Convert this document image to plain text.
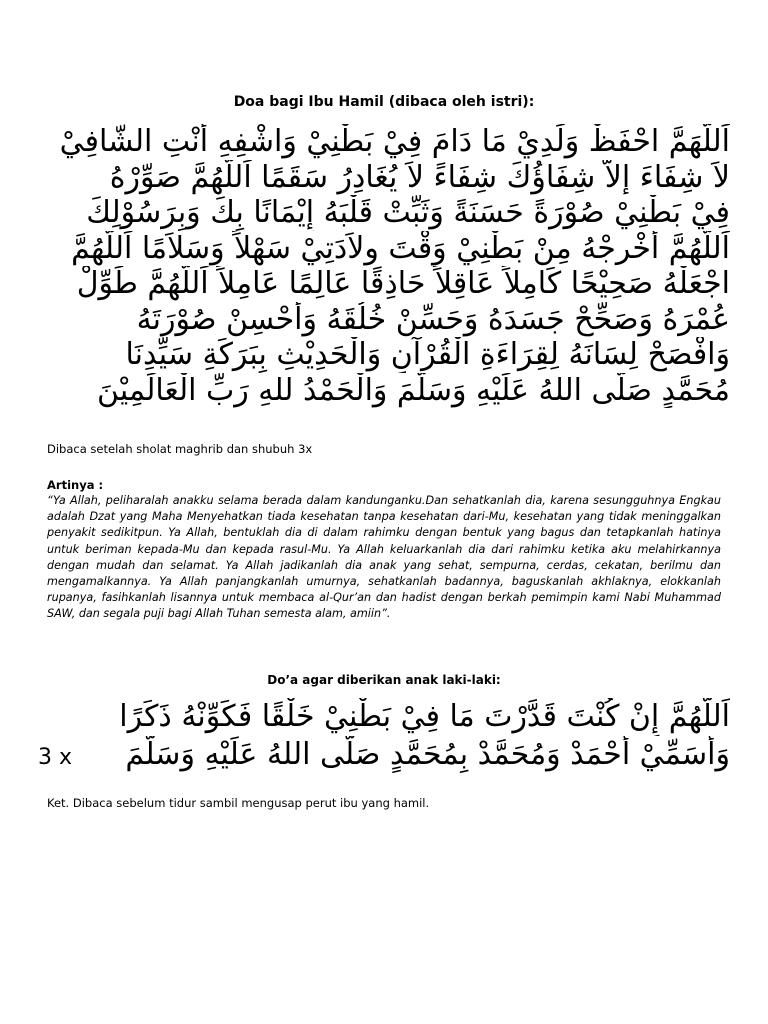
Doa bagi Ibu Hamil (dibaca oleh istri):
اَللَّهَمَّ احْفَظْ وَلَدِيْ مَا دَامَ فِيْ بَطْنِيْ وَاشْفِهِ أَنْتِ الشَّافِيْ
لاَ شِفَاءَ إِلاَّ شِفَاؤُكَ شِفَاءً لاَ يُغَادِرُ سَقَمًا اَللَّهُمَّ صَوِّرْهُ
فِيْ بَطْنِيْ صُوْرَةً حَسَنَةً وَثَبِّتْ قَلْبَهُ إِيْمَانًا بِكَ وَبِرَسُوْلِكَ
اَللَّهُمَّ أَخْرِجْهُ مِنْ بَطْنِيْ وَقْتَ وِلاَدَتِيْ سَهْلاً وَسَلاَمًا اَللَّهُمَّ
اجْعَلْهُ صَحِيْحًا كَامِلاً عَاقِلاً حَاذِقًا عَالِمًا عَامِلاً اَللَّهُمَّ طَوِّلْ
عُمْرَهُ وَصَحِّحْ جَسَدَهُ وَحَسِّنْ خُلُقَهُ وَأَحْسِنْ صُوْرَتَهُ
وَافْصَحْ لِسَانَهُ لِقِرَاءَةِ الْقُرْآنِ وَالْحَدِيْثِ بِبَرَكَةِ سَيِّدِنَا
مُحَمَّدٍ صَلَّى اللهُ عَلَيْهِ وَسَلَّمَ وَالْحَمْدُ للهِ رَبِّ الْعَالَمِيْنَ
Dibaca setelah sholat maghrib dan shubuh 3x
Artinya :
“Ya Allah, peliharalah anakku selama berada dalam kandunganku.Dan sehatkanlah dia, karena sesungguhnya Engkau adalah Dzat yang Maha Menyehatkan tiada kesehatan tanpa kesehatan dari-Mu, kesehatan yang tidak meninggalkan penyakit sedikitpun. Ya Allah, bentuklah dia di dalam rahimku dengan bentuk yang bagus dan tetapkanlah hatinya untuk beriman kepada-Mu dan kepada rasul-Mu. Ya Allah keluarkanlah dia dari rahimku ketika aku melahirkannya dengan mudah dan selamat. Ya Allah jadikanlah dia anak yang sehat, sempurna, cerdas, cekatan, berilmu dan mengamalkannya. Ya Allah panjangkanlah umurnya, sehatkanlah badannya, baguskanlah akhlaknya, elokkanlah rupanya, fasihkanlah lisannya untuk membaca al-Qur’an dan hadist dengan berkah pemimpin kami Nabi Muhammad SAW, dan segala puji bagi Allah Tuhan semesta alam, amiin”.
Do’a agar diberikan anak laki-laki:
اَللَّهُمَّ إِنْ كُنْتَ قَدَّرْتَ مَا فِيْ بَطْنِيْ خَلْقًا فَكَوِّنْهُ ذَكَرًا
3 x وَأَسَمِّيْ أَحْمَدْ وَمُحَمَّدْ بِمُحَمَّدٍ صَلَّى اللهُ عَلَيْهِ وَسَلَّمَ
Ket. Dibaca sebelum tidur sambil mengusap perut ibu yang hamil.
